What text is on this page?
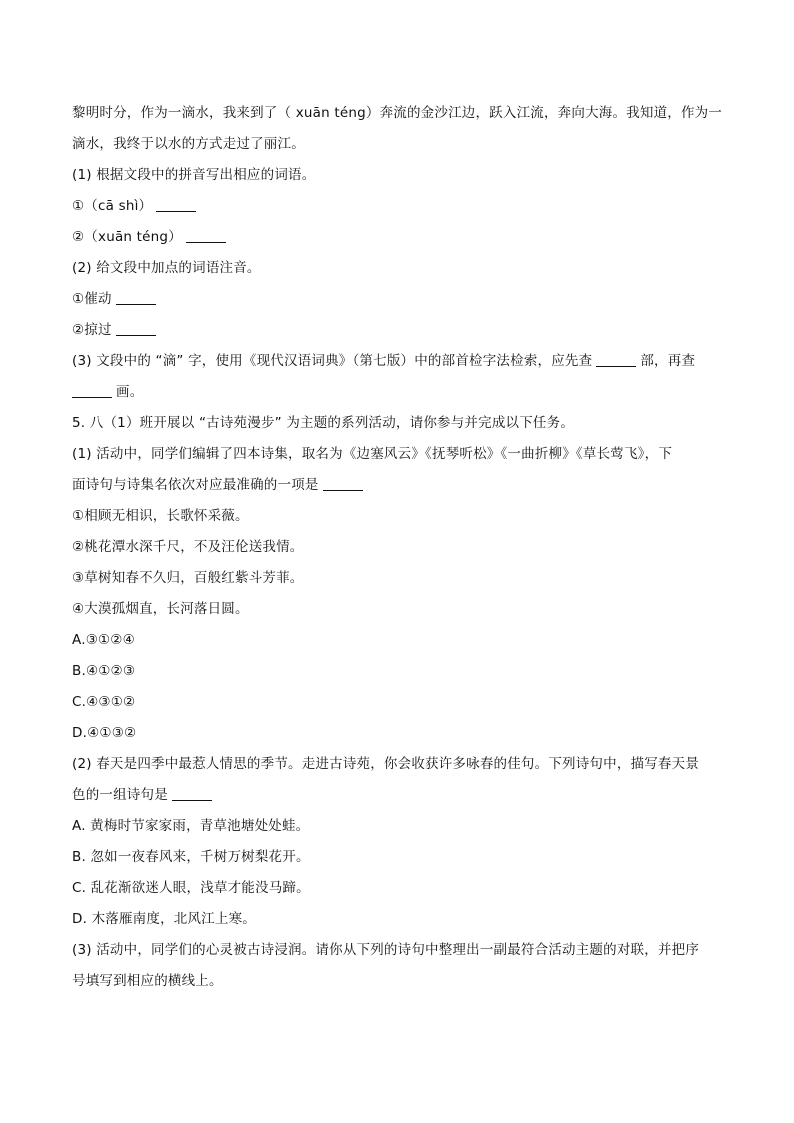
黎明时分，作为一滴水，我来到了（ xuān téng）奔流的金沙江边，跃入江流，奔向大海。我知道，作为一
滴水，我终于以水的方式走过了丽江。
(1) 根据文段中的拼音写出相应的词语。
①（cā shì）
②（xuān téng）
(2) 给文段中加点的词语注音。
①催动
②掠过
(3) 文段中的 “滴” 字，使用《现代汉语词典》（第七版）中的部首检字法检索，应先查	部，再查
画。
5. 八（1）班开展以 “古诗苑漫步” 为主题的系列活动，请你参与并完成以下任务。
(1) 活动中，同学们编辑了四本诗集，取名为《边塞风云》《抚琴听松》《一曲折柳》《草长莺飞》，下
面诗句与诗集名依次对应最准确的一项是
①相顾无相识，长歌怀采薇。
②桃花潭水深千尺，不及汪伦送我情。
③草树知春不久归，百般红紫斗芳菲。
④大漠孤烟直，长河落日圆。
A.③①②④
B.④①②③
C.④③①②
D.④①③②
(2) 春天是四季中最惹人情思的季节。走进古诗苑，你会收获许多咏春的佳句。下列诗句中，描写春天景
色的一组诗句是
A. 黄梅时节家家雨，青草池塘处处蛙。
B. 忽如一夜春风来，千树万树梨花开。
C. 乱花渐欲迷人眼，浅草才能没马蹄。
D. 木落雁南度，北风江上寒。
(3) 活动中，同学们的心灵被古诗浸润。请你从下列的诗句中整理出一副最符合活动主题的对联，并把序
号填写到相应的横线上。
